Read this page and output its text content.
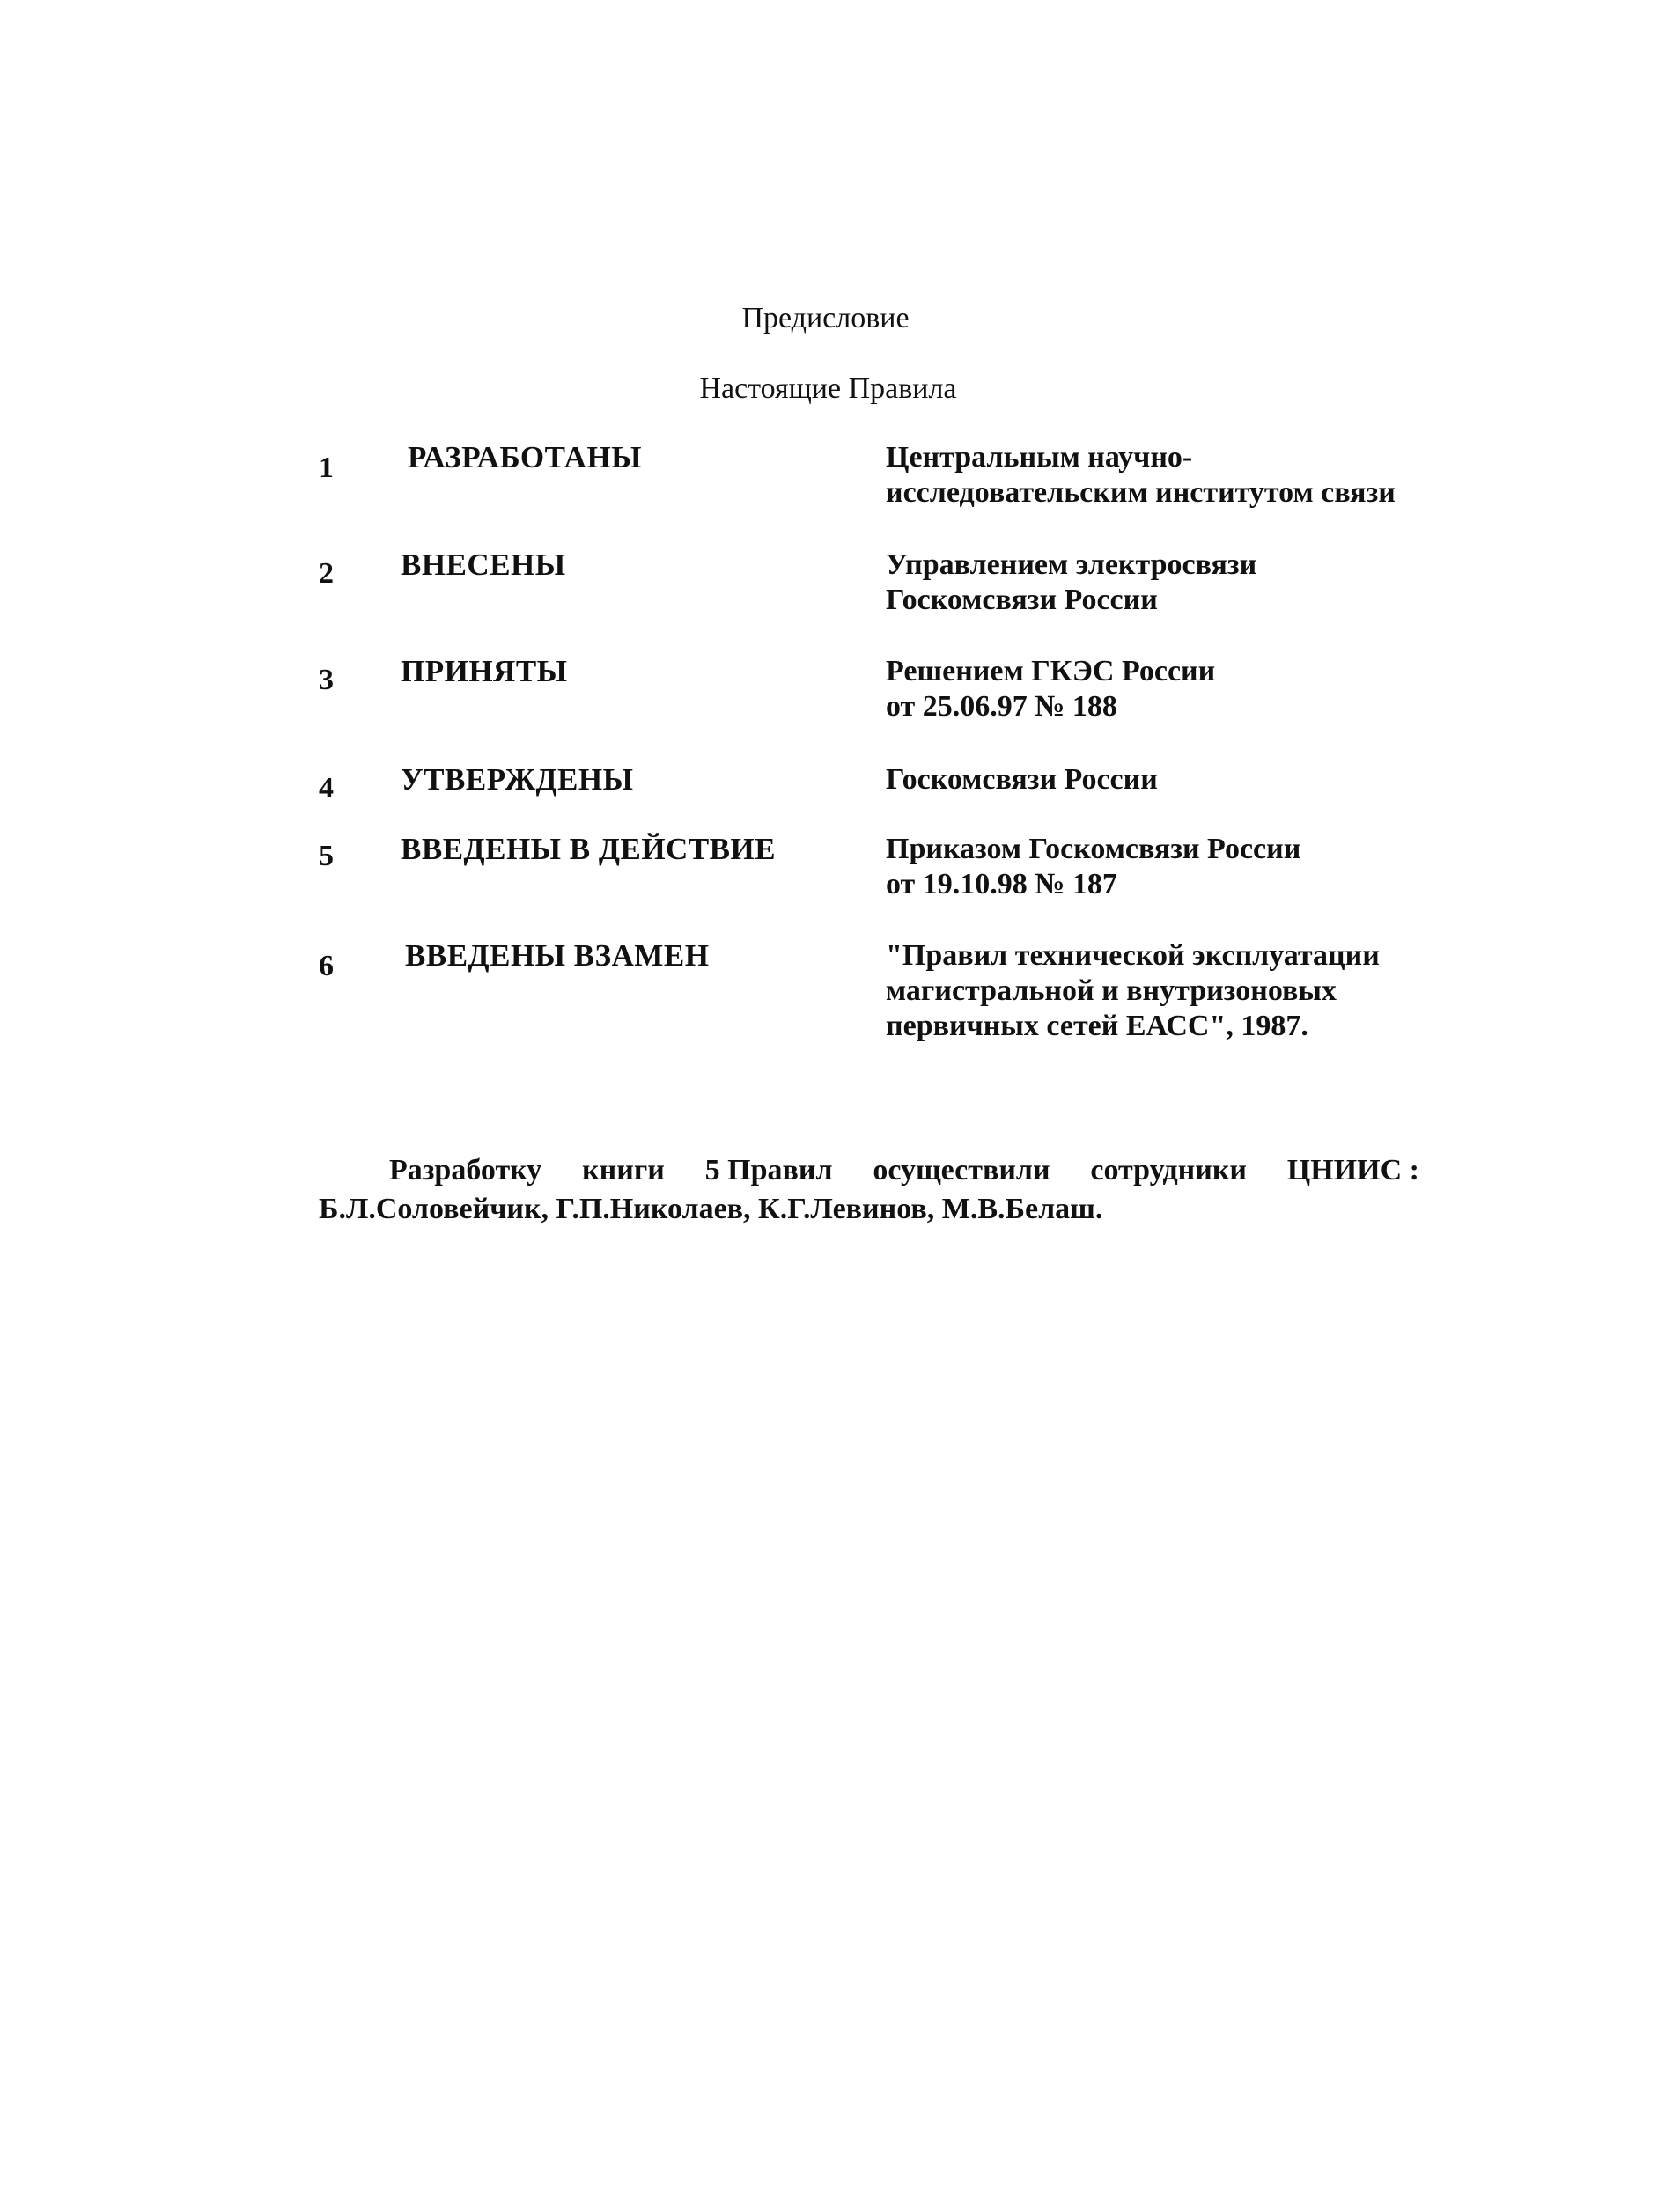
Предисловие
Настоящие Правила
1 РАЗРАБОТАНЫ	Центральным научно-
исследовательским институтом связи
2 ВНЕСЕНЫ	Управлением электросвязи
Госкомсвязи России
3 ПРИНЯТЫ	Решением ГКЭС России
от 25.06.97 № 188
4 УТВЕРЖДЕНЫ	Госкомсвязи России
5 ВВЕДЕНЫ В ДЕЙСТВИЕ	Приказом Госкомсвязи России
от 19.10.98 № 187
6 ВВЕДЕНЫ ВЗАМЕН	"Правил технической эксплуатации
магистральной и внутризоновых
первичных сетей ЕАСС", 1987.
Разработку книги 5 Правил осуществили сотрудники ЦНИИС :
Б.Л.Соловейчик, Г.П.Николаев, К.Г.Левинов, М.В.Белаш.
